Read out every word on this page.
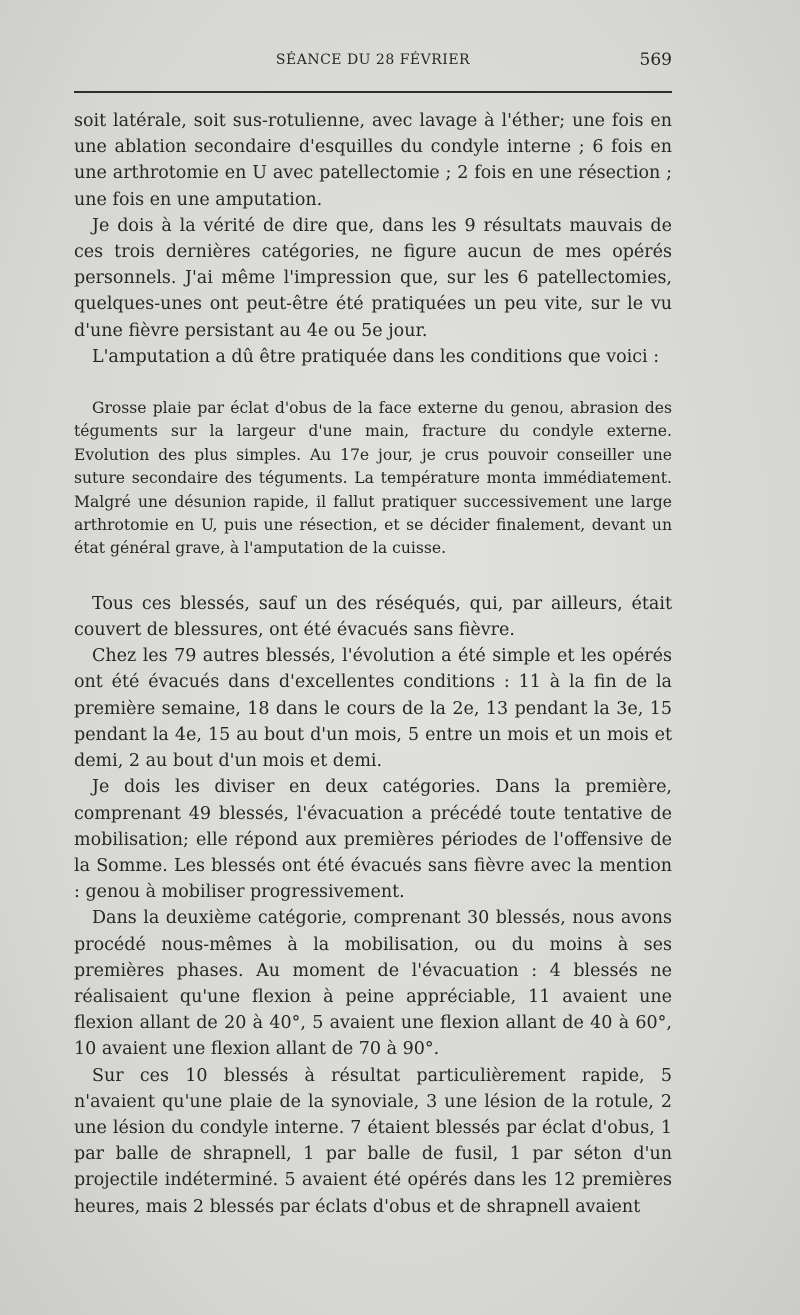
SÉANCE DU 28 FÉVRIER	569

soit latérale, soit sus-rotulienne, avec lavage à l'éther; une fois en une ablation secondaire d'esquilles du condyle interne ; 6 fois en une arthrotomie en U avec patellectomie ; 2 fois en une résection ; une fois en une amputation.

Je dois à la vérité de dire que, dans les 9 résultats mauvais de ces trois dernières catégories, ne figure aucun de mes opérés personnels. J'ai même l'impression que, sur les 6 patellectomies, quelques-unes ont peut-être été pratiquées un peu vite, sur le vu d'une fièvre persistant au 4e ou 5e jour.

L'amputation a dû être pratiquée dans les conditions que voici :

Grosse plaie par éclat d'obus de la face externe du genou, abrasion des téguments sur la largeur d'une main, fracture du condyle externe. Evolution des plus simples. Au 17e jour, je crus pouvoir conseiller une suture secondaire des téguments. La température monta immédiatement. Malgré une désunion rapide, il fallut pratiquer successivement une large arthrotomie en U, puis une résection, et se décider finalement, devant un état général grave, à l'amputation de la cuisse.

Tous ces blessés, sauf un des réséqués, qui, par ailleurs, était couvert de blessures, ont été évacués sans fièvre.

Chez les 79 autres blessés, l'évolution a été simple et les opérés ont été évacués dans d'excellentes conditions : 11 à la fin de la première semaine, 18 dans le cours de la 2e, 13 pendant la 3e, 15 pendant la 4e, 15 au bout d'un mois, 5 entre un mois et un mois et demi, 2 au bout d'un mois et demi.

Je dois les diviser en deux catégories. Dans la première, comprenant 49 blessés, l'évacuation a précédé toute tentative de mobilisation; elle répond aux premières périodes de l'offensive de la Somme. Les blessés ont été évacués sans fièvre avec la mention : genou à mobiliser progressivement.

Dans la deuxième catégorie, comprenant 30 blessés, nous avons procédé nous-mêmes à la mobilisation, ou du moins à ses premières phases. Au moment de l'évacuation : 4 blessés ne réalisaient qu'une flexion à peine appréciable, 11 avaient une flexion allant de 20 à 40°, 5 avaient une flexion allant de 40 à 60°, 10 avaient une flexion allant de 70 à 90°.

Sur ces 10 blessés à résultat particulièrement rapide, 5 n'avaient qu'une plaie de la synoviale, 3 une lésion de la rotule, 2 une lésion du condyle interne. 7 étaient blessés par éclat d'obus, 1 par balle de shrapnell, 1 par balle de fusil, 1 par séton d'un projectile indéterminé. 5 avaient été opérés dans les 12 premières heures, mais 2 blessés par éclats d'obus et de shrapnell avaient
